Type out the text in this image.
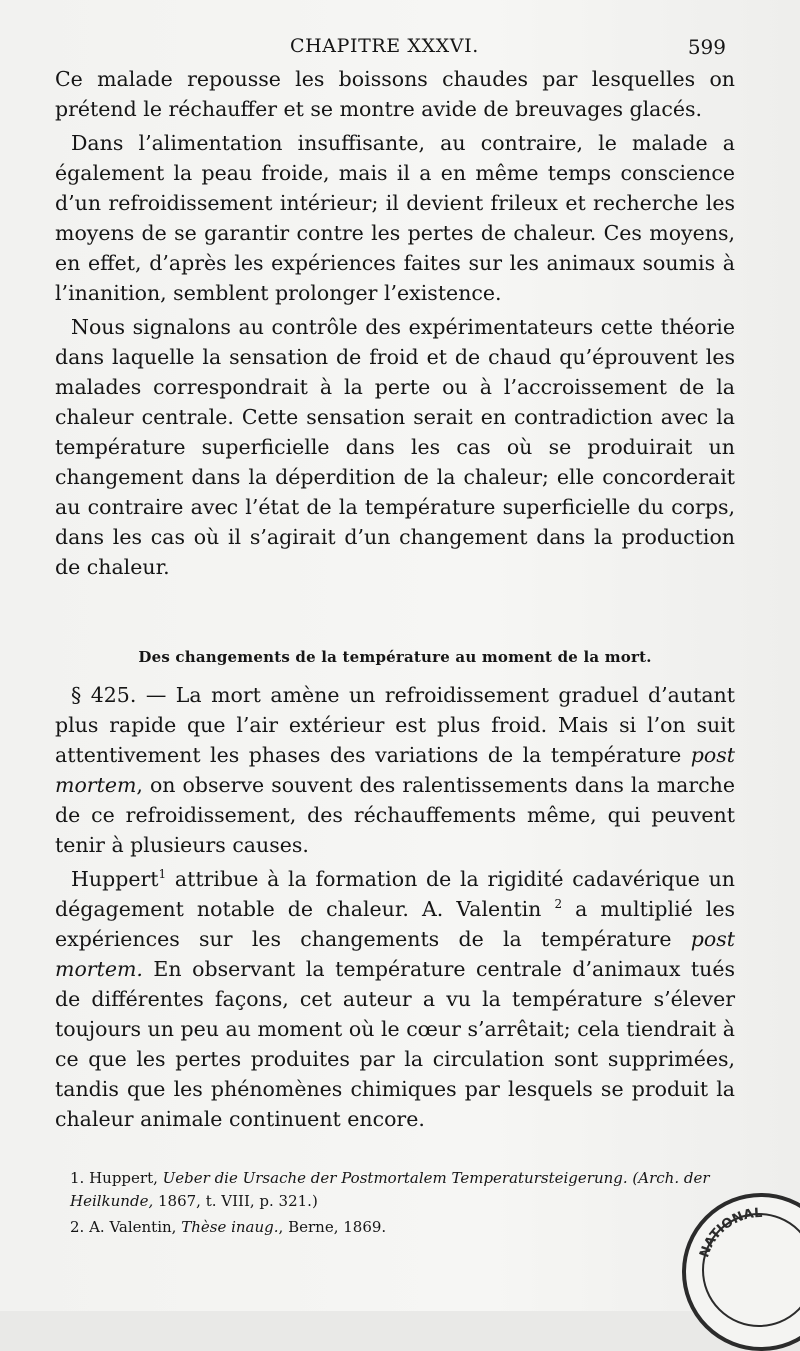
CHAPITRE XXXVI.	599

Ce malade repousse les boissons chaudes par lesquelles on prétend le réchauffer et se montre avide de breuvages glacés.

Dans l’alimentation insuffisante, au contraire, le malade a également la peau froide, mais il a en même temps conscience d’un refroidissement intérieur; il devient frileux et recherche les moyens de se garantir contre les pertes de chaleur. Ces moyens, en effet, d’après les expériences faites sur les animaux soumis à l’inanition, semblent prolonger l’existence.

Nous signalons au contrôle des expérimentateurs cette théorie dans laquelle la sensation de froid et de chaud qu’éprouvent les malades correspondrait à la perte ou à l’accroissement de la chaleur centrale. Cette sensation serait en contradiction avec la température superficielle dans les cas où se produirait un changement dans la déperdition de la chaleur; elle concorderait au contraire avec l’état de la température superficielle du corps, dans les cas où il s’agirait d’un changement dans la production de chaleur.

Des changements de la température au moment de la mort.

§ 425. — La mort amène un refroidissement graduel d’autant plus rapide que l’air extérieur est plus froid. Mais si l’on suit attentivement les phases des variations de la température post mortem, on observe souvent des ralentissements dans la marche de ce refroidissement, des réchauffements même, qui peuvent tenir à plusieurs causes.

Huppert$^1$ attribue à la formation de la rigidité cadavérique un dégagement notable de chaleur. A. Valentin $^2$ a multiplié les expériences sur les changements de la température post mortem. En observant la température centrale d’animaux tués de différentes façons, cet auteur a vu la température s’élever toujours un peu au moment où le cœur s’arrêtait; cela tiendrait à ce que les pertes produites par la circulation sont supprimées, tandis que les phénomènes chimiques par lesquels se produit la chaleur animale continuent encore.

1. Huppert, Ueber die Ursache der Postmortalem Temperatursteigerung. (Arch. der Heilkunde, 1867, t. VIII, p. 321.)

2. A. Valentin, Thèse inaug., Berne, 1869.

NATIONAL
